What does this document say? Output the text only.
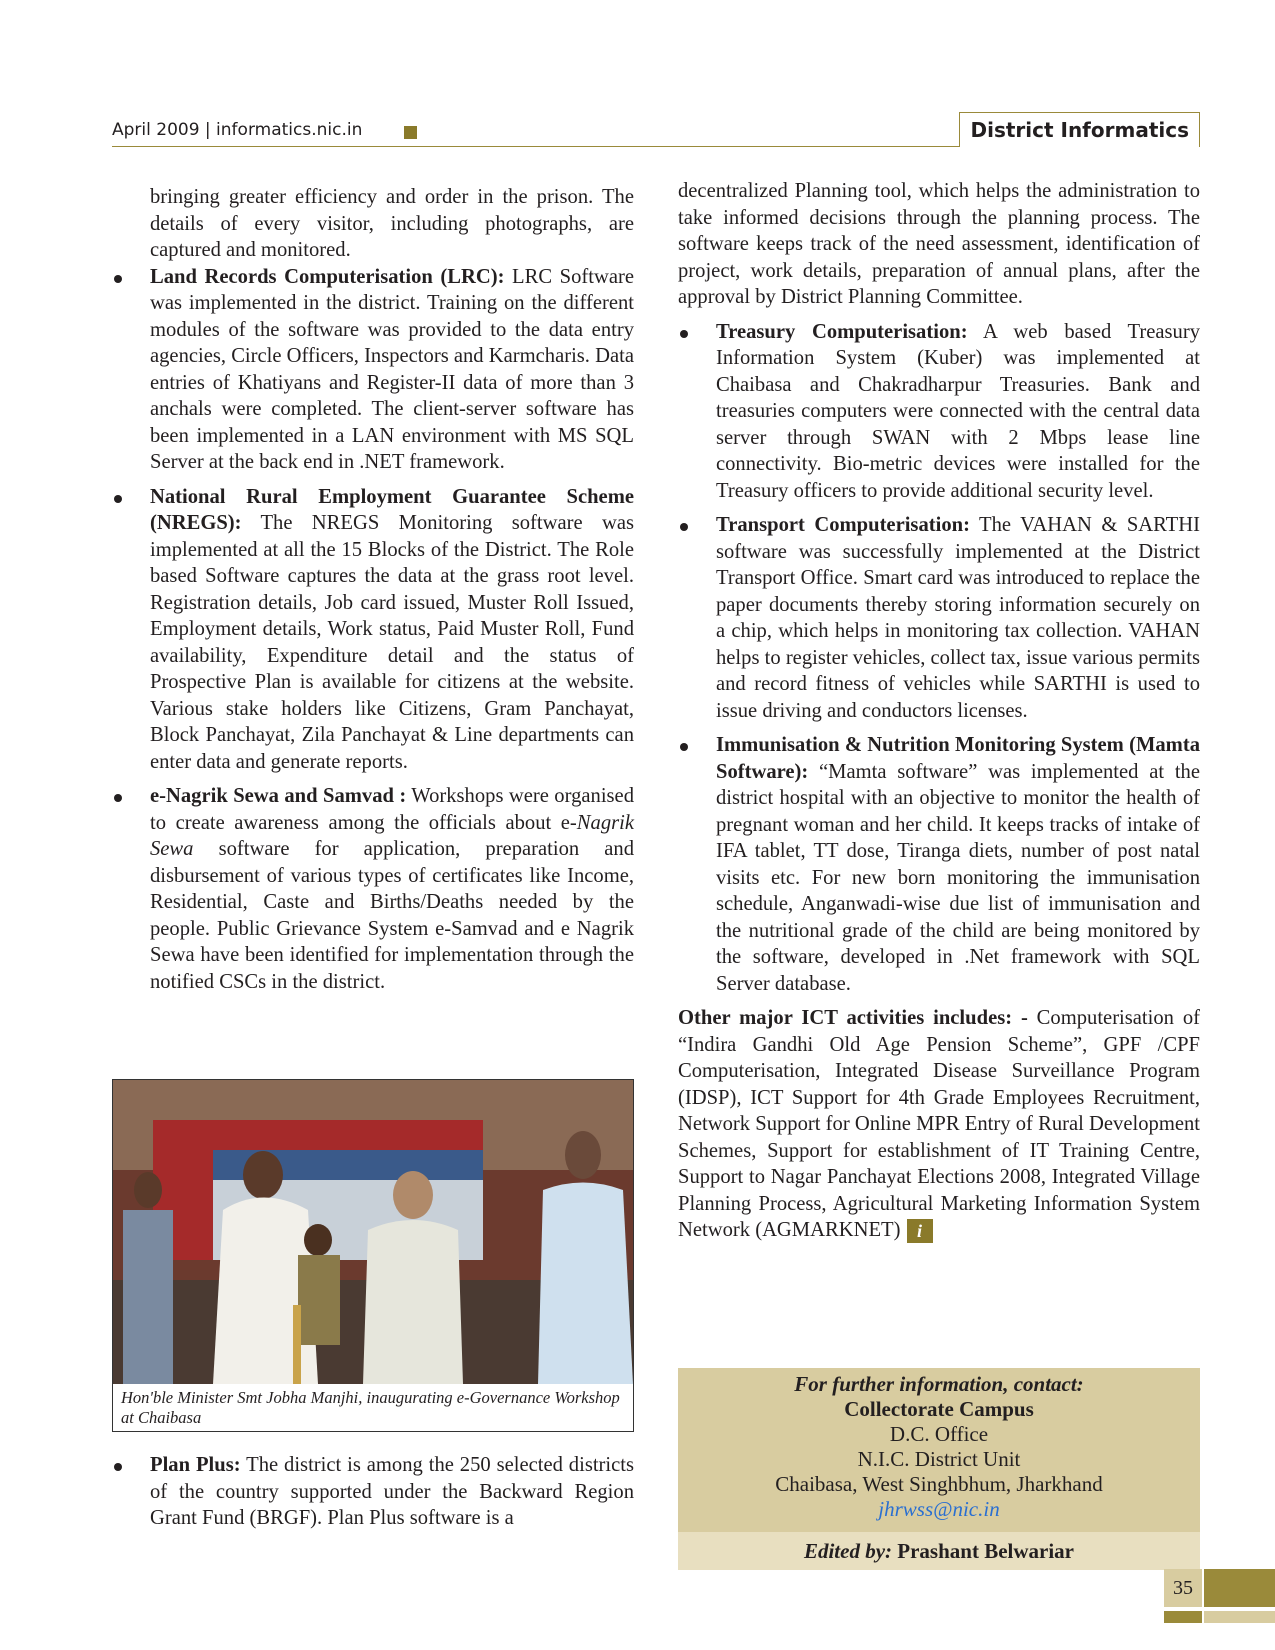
April 2009 | informatics.nic.in	District Informatics

bringing greater efficiency and order in the prison. The details of every visitor, including photographs, are captured and monitored.

Land Records Computerisation (LRC): LRC Software was implemented in the district. Training on the different modules of the software was provided to the data entry agencies, Circle Officers, Inspectors and Karmcharis. Data entries of Khatiyans and Register-II data of more than 3 anchals were completed. The client-server software has been implemented in a LAN environment with MS SQL Server at the back end in .NET framework.
National Rural Employment Guarantee Scheme (NREGS): The NREGS Monitoring software was implemented at all the 15 Blocks of the District. The Role based Software captures the data at the grass root level. Registration details, Job card issued, Muster Roll Issued, Employment details, Work status, Paid Muster Roll, Fund availability, Expenditure detail and the status of Prospective Plan is available for citizens at the website. Various stake holders like Citizens, Gram Panchayat, Block Panchayat, Zila Panchayat & Line departments can enter data and generate reports.
e-Nagrik Sewa and Samvad : Workshops were organised to create awareness among the officials about e-Nagrik Sewa software for application, preparation and disbursement of various types of certificates like Income, Residential, Caste and Births/Deaths needed by the people. Public Grievance System e-Samvad and e Nagrik Sewa have been identified for implementation through the notified CSCs in the district.
Hon'ble Minister Smt Jobha Manjhi, inaugurating e-Governance Workshop at Chaibasa
Plan Plus: The district is among the 250 selected districts of the country supported under the Backward Region Grant Fund (BRGF). Plan Plus software is a

decentralized Planning tool, which helps the administration to take informed decisions through the planning process. The software keeps track of the need assessment, identification of project, work details, preparation of annual plans, after the approval by District Planning Committee.

Treasury Computerisation: A web based Treasury Information System (Kuber) was implemented at Chaibasa and Chakradharpur Treasuries. Bank and treasuries computers were connected with the central data server through SWAN with 2 Mbps lease line connectivity. Bio-metric devices were installed for the Treasury officers to provide additional security level.
Transport Computerisation: The VAHAN & SARTHI software was successfully implemented at the District Transport Office. Smart card was introduced to replace the paper documents thereby storing information securely on a chip, which helps in monitoring tax collection. VAHAN helps to register vehicles, collect tax, issue various permits and record fitness of vehicles while SARTHI is used to issue driving and conductors licenses.
Immunisation & Nutrition Monitoring System (Mamta Software): “Mamta software” was implemented at the district hospital with an objective to monitor the health of pregnant woman and her child. It keeps tracks of intake of IFA tablet, TT dose, Tiranga diets, number of post natal visits etc. For new born monitoring the immunisation schedule, Anganwadi-wise due list of immunisation and the nutritional grade of the child are being monitored by the software, developed in .Net framework with SQL Server database.

Other major ICT activities includes: - Computerisation of “Indira Gandhi Old Age Pension Scheme”, GPF /CPF Computerisation, Integrated Disease Surveillance Program (IDSP), ICT Support for 4th Grade Employees Recruitment, Network Support for Online MPR Entry of Rural Development Schemes, Support for establishment of IT Training Centre, Support to Nagar Panchayat Elections 2008, Integrated Village Planning Process, Agricultural Marketing Information System Network (AGMARKNET) i

For further information, contact:
Collectorate Campus
D.C. Office
N.I.C. District Unit
Chaibasa, West Singhbhum, Jharkhand
jhrwss@nic.in
Edited by: Prashant Belwariar
35
